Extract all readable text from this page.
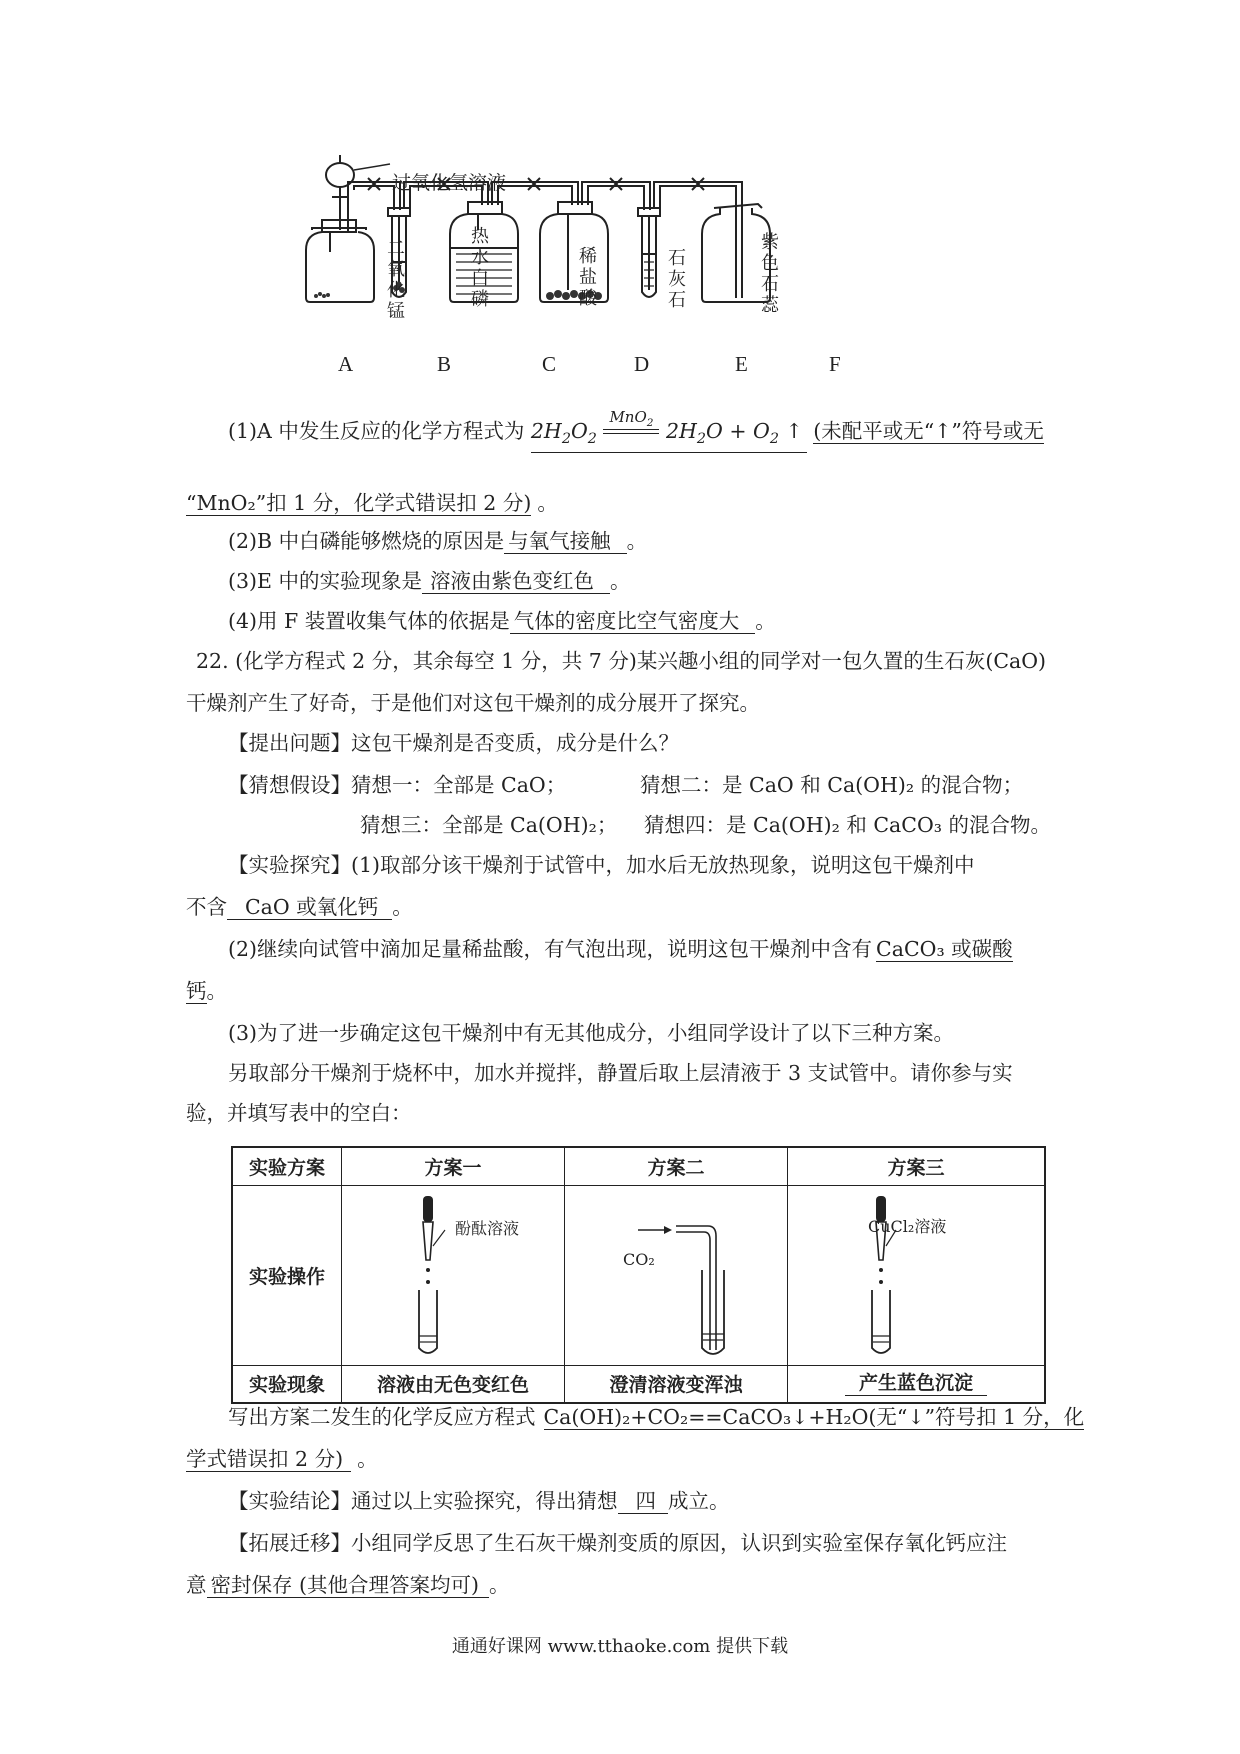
过氧化氢溶液
二氧化锰
热水白磷
稀盐酸
石灰石
紫色石蕊
A	B	C	D	E	F
(1)A 中发生反应的化学方程式为 $2H_2O_2$
MnO$_2$ $2H_2O + O_2$ ↑ (未配平或无“↑”符号或无
“MnO₂”扣 1 分，化学式错误扣 2 分) 。
(2)B 中白磷能够燃烧的原因是 与氧气接触 。
(3)E 中的实验现象是 溶液由紫色变红色 。
(4)用 F 装置收集气体的依据是 气体的密度比空气密度大 。
22. (化学方程式 2 分，其余每空 1 分，共 7 分)某兴趣小组的同学对一包久置的生石灰(CaO)
干燥剂产生了好奇，于是他们对这包干燥剂的成分展开了探究。
【提出问题】这包干燥剂是否变质，成分是什么？
【猜想假设】猜想一：全部是 CaO；	猜想二：是 CaO 和 Ca(OH)₂ 的混合物；
猜想三：全部是 Ca(OH)₂； 猜想四：是 Ca(OH)₂ 和 CaCO₃ 的混合物。
【实验探究】(1)取部分该干燥剂于试管中，加水后无放热现象，说明这包干燥剂中
不含 CaO 或氧化钙 。
(2)继续向试管中滴加足量稀盐酸，有气泡出现，说明这包干燥剂中含有 CaCO₃ 或碳酸
钙。
(3)为了进一步确定这包干燥剂中有无其他成分，小组同学设计了以下三种方案。
另取部分干燥剂于烧杯中，加水并搅拌，静置后取上层清液于 3 支试管中。请你参与实
验，并填写表中的空白：
实验方案	方案一	方案二	方案三
实验操作	酚酞溶液	CO₂	CuCl₂溶液

实验现象	溶液由无色变红色	澄清溶液变浑浊	产生蓝色沉淀
写出方案二发生的化学反应方程式 Ca(OH)₂+CO₂==CaCO₃↓+H₂O(无“↓”符号扣 1 分，化
学式错误扣 2 分) 。
【实验结论】通过以上实验探究，得出猜想 四 成立。
【拓展迁移】小组同学反思了生石灰干燥剂变质的原因，认识到实验室保存氧化钙应注
意 密封保存 (其他合理答案均可) 。
通通好课网 www.tthaoke.com 提供下载
